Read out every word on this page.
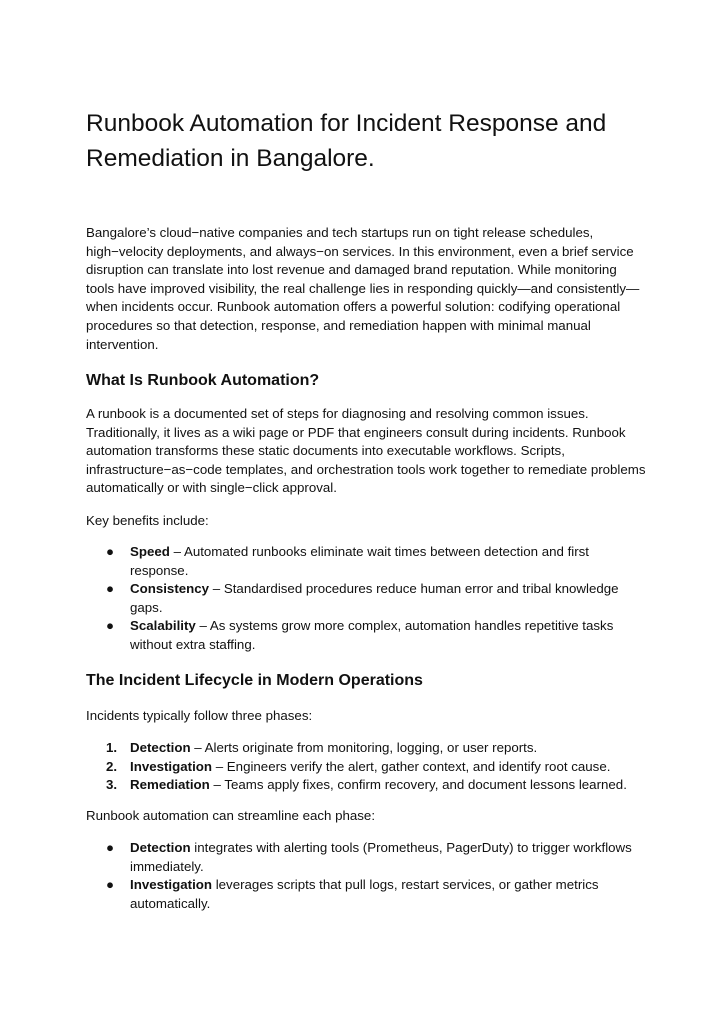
Runbook Automation for Incident Response and Remediation in Bangalore.

Bangalore’s cloud−native companies and tech startups run on tight release schedules, high−velocity deployments, and always−on services. In this environment, even a brief service disruption can translate into lost revenue and damaged brand reputation. While monitoring tools have improved visibility, the real challenge lies in responding quickly—and consistently—when incidents occur. Runbook automation offers a powerful solution: codifying operational procedures so that detection, response, and remediation happen with minimal manual intervention.

What Is Runbook Automation?

A runbook is a documented set of steps for diagnosing and resolving common issues. Traditionally, it lives as a wiki page or PDF that engineers consult during incidents. Runbook automation transforms these static documents into executable workflows. Scripts, infrastructure−as−code templates, and orchestration tools work together to remediate problems automatically or with single−click approval.

Key benefits include:

● Speed – Automated runbooks eliminate wait times between detection and first response.
● Consistency – Standardised procedures reduce human error and tribal knowledge gaps.
● Scalability – As systems grow more complex, automation handles repetitive tasks without extra staffing.
The Incident Lifecycle in Modern Operations

Incidents typically follow three phases:

1. Detection – Alerts originate from monitoring, logging, or user reports.
2. Investigation – Engineers verify the alert, gather context, and identify root cause.
3. Remediation – Teams apply fixes, confirm recovery, and document lessons learned.

Runbook automation can streamline each phase:

● Detection integrates with alerting tools (Prometheus, PagerDuty) to trigger workflows immediately.
● Investigation leverages scripts that pull logs, restart services, or gather metrics automatically.
